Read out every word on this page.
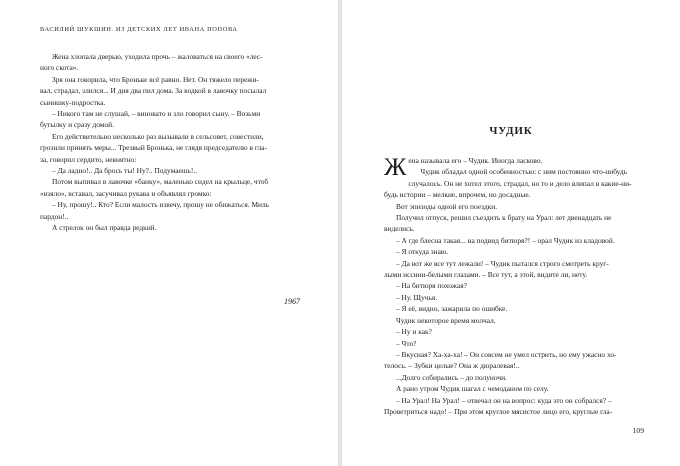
ВАСИЛИЙ ШУКШИН. ИЗ ДЕТСКИХ ЛЕТ ИВАНА ПОПОВА

Жена хлопала дверью, уходила прочь – жаловаться на своего «лес-

ного скота».

Зря она говорила, что Броньке всё равно. Нет. Он тяжело пережи-

вал, страдал, злился... И дня два пил дома. За водкой в лавочку посылал

сынишку-подростка.

– Никого там не слушай, – виновато и зло говорил сыну. – Возьми

бутылку и сразу домой.

Его действительно несколько раз вызывали в сельсовет, совестили,

грозили принять меры... Трезвый Бронька, не глядя председателю в гла-

за, говорил сердито, невнятно:

– Да ладно!.. Да брось ты! Ну?.. Подумаешь!..

Потом выпивал в лавочке «банку», маленько сидел на крыльце, чтоб

«взяло», вставал, засучивал рукава и объявлял громко:

– Ну, прошу!.. Кто? Если малость извечу, прошу не обижаться. Миль

пардон!..

А стрелок он был правда редкий.

1967
ЧУДИК

Жена называла его – Чудик. Иногда ласково.

Чудик обладал одной особенностью: с ним постоянно что-нибудь

случалось. Он не хотел этого, страдал, но то и дело влипал в какие-ни-

будь истории – мелкие, впрочем, но досадные.

Вот эпизоды одной его поездки.

Получил отпуск, решил съездить к брату на Урал: лет двенадцать не

виделись.

– А где блесна такая... на подвид битюря?! – орал Чудик из кладовой.

– Я откуда знаю.

– Да вот же все тут лежали! – Чудик пытался строго смотреть круг-

лыми иссини-белыми глазами. – Все тут, а этой, видите ли, нету.

– На битюря похожая?

– Ну. Щучья.

– Я её, видно, зажарила по ошибке.

Чудик некоторое время молчал.

– Ну и как?

– Что?

– Вкусная? Ха-ха-ха! – Он совсем не умел острить, но ему ужасно хо-

телось. – Зубки целые? Она ж дюралевая!..

...Долго собирались – до полуночи.

А рано утром Чудик шагал с чемоданом по селу.

– На Урал! На Урал! – отвечал он на вопрос: куда это он собрался? –

Проветриться надо! – При этом круглое мясистое лицо его, круглые гла-

109
